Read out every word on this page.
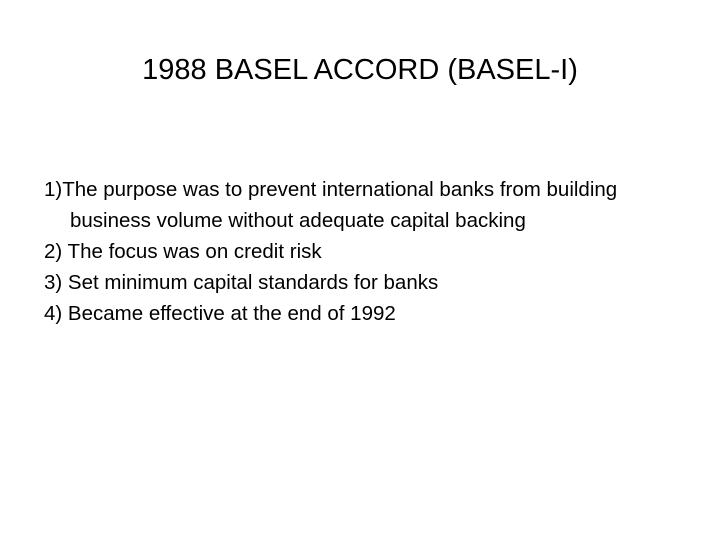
1988 BASEL ACCORD (BASEL-I)
1)The purpose was to prevent international banks from building business volume without adequate capital backing
2) The focus was on credit risk
3) Set minimum capital standards for banks
4) Became effective at the end of 1992
